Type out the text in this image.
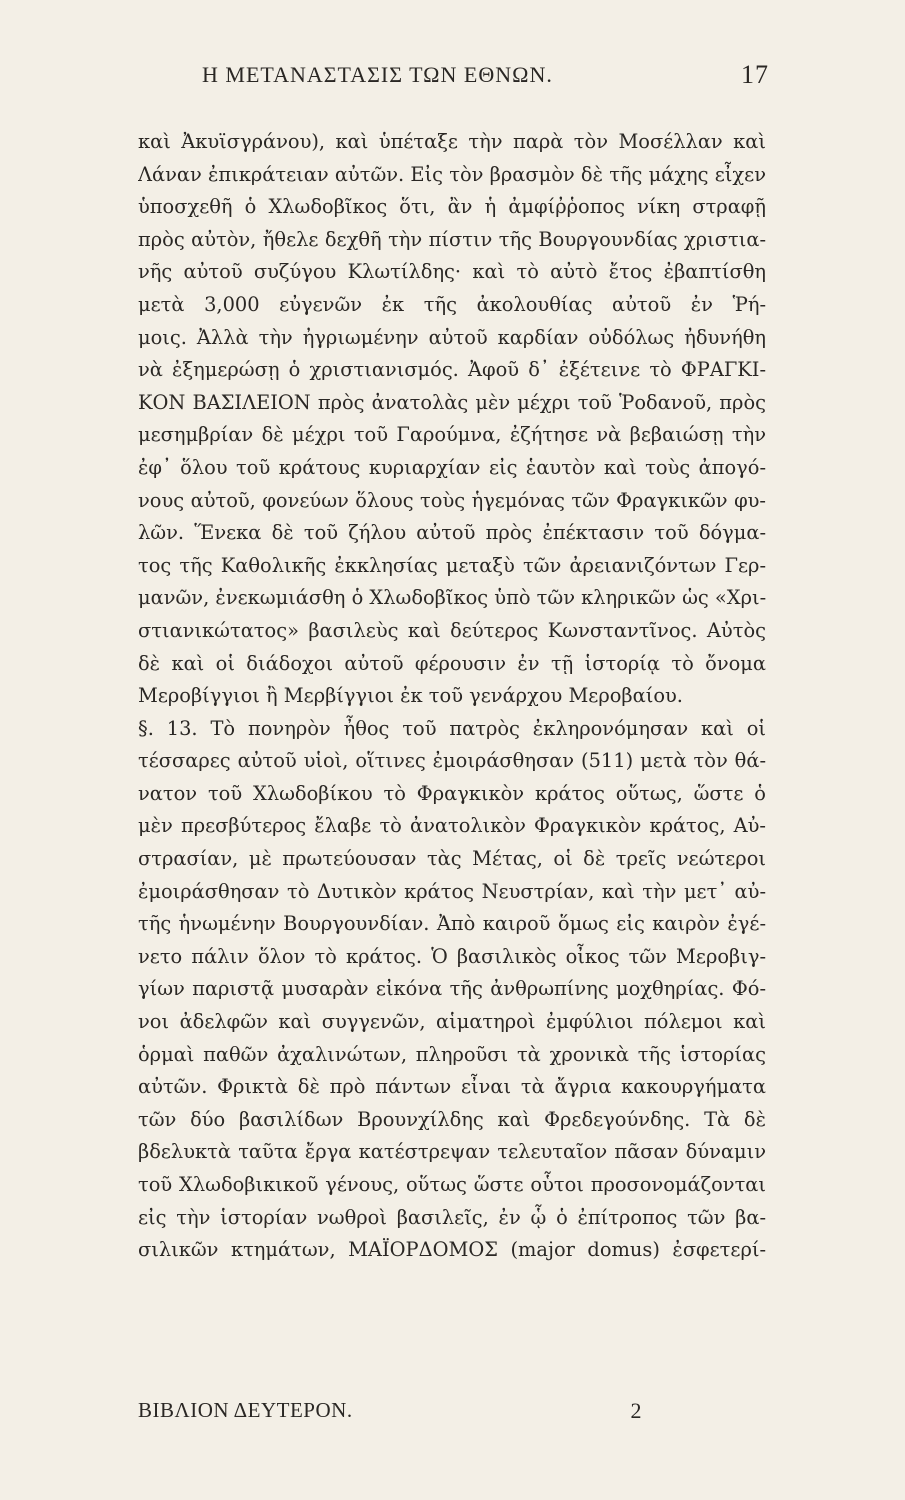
Η ΜΕΤΑΝΑΣΤΑΣΙΣ ΤΩΝ ΕΘΝΩΝ.	17
καὶ Ἀκυϊσγράνου), καὶ ὑπέταξε τὴν παρὰ τὸν Μοσέλλαν καὶ
Λάναν ἐπικράτειαν αὐτῶν. Εἰς τὸν βρασμὸν δὲ τῆς μάχης εἶχεν
ὑποσχεθῆ ὁ Χλωδοβῖκος ὅτι, ἂν ἡ ἀμφίῤῥοπος νίκη στραφῇ
πρὸς αὐτὸν, ἤθελε δεχθῆ τὴν πίστιν τῆς Βουργουνδίας χριστια-
νῆς αὐτοῦ συζύγου Κλωτίλδης· καὶ τὸ αὐτὸ ἔτος ἐβαπτίσθη
μετὰ 3,000 εὐγενῶν ἐκ τῆς ἀκολουθίας αὐτοῦ ἐν Ῥή-
μοις. Ἀλλὰ τὴν ἠγριωμένην αὐτοῦ καρδίαν οὐδόλως ἠδυνήθη
νὰ ἐξημερώσῃ ὁ χριστιανισμός. Ἀφοῦ δ᾽ ἐξέτεινε τὸ ΦΡΑΓΚΙ-
ΚΟΝ ΒΑΣΙΛΕΙΟΝ πρὸς ἀνατολὰς μὲν μέχρι τοῦ Ῥοδανοῦ, πρὸς
μεσημβρίαν δὲ μέχρι τοῦ Γαρούμνα, ἐζήτησε νὰ βεβαιώσῃ τὴν
ἐφ᾽ ὅλου τοῦ κράτους κυριαρχίαν εἰς ἑαυτὸν καὶ τοὺς ἀπογό-
νους αὐτοῦ, φονεύων ὅλους τοὺς ἡγεμόνας τῶν Φραγκικῶν φυ-
λῶν. Ἕνεκα δὲ τοῦ ζήλου αὐτοῦ πρὸς ἐπέκτασιν τοῦ δόγμα-
τος τῆς Καθολικῆς ἐκκλησίας μεταξὺ τῶν ἀρειανιζόντων Γερ-
μανῶν, ἐνεκωμιάσθη ὁ Χλωδοβῖκος ὑπὸ τῶν κληρικῶν ὡς «Χρι-
στιανικώτατος» βασιλεὺς καὶ δεύτερος Κωνσταντῖνος. Αὐτὸς
δὲ καὶ οἱ διάδοχοι αὐτοῦ φέρουσιν ἐν τῇ ἱστορίᾳ τὸ ὄνομα
Μεροβίγγιοι ἢ Μερβίγγιοι ἐκ τοῦ γενάρχου Μεροβαίου.
§. 13. Τὸ πονηρὸν ἦθος τοῦ πατρὸς ἐκληρονόμησαν καὶ οἱ
τέσσαρες αὐτοῦ υἱοὶ, οἵτινες ἐμοιράσθησαν (511) μετὰ τὸν θά-
νατον τοῦ Χλωδοβίκου τὸ Φραγκικὸν κράτος οὕτως, ὥστε ὁ
μὲν πρεσβύτερος ἔλαβε τὸ ἀνατολικὸν Φραγκικὸν κράτος, Αὐ-
στρασίαν, μὲ πρωτεύουσαν τὰς Μέτας, οἱ δὲ τρεῖς νεώτεροι
ἐμοιράσθησαν τὸ Δυτικὸν κράτος Νευστρίαν, καὶ τὴν μετ᾽ αὐ-
τῆς ἡνωμένην Βουργουνδίαν. Ἀπὸ καιροῦ ὅμως εἰς καιρὸν ἐγέ-
νετο πάλιν ὅλον τὸ κράτος. Ὁ βασιλικὸς οἶκος τῶν Μεροβιγ-
γίων παριστᾷ μυσαρὰν εἰκόνα τῆς ἀνθρωπίνης μοχθηρίας. Φό-
νοι ἀδελφῶν καὶ συγγενῶν, αἱματηροὶ ἐμφύλιοι πόλεμοι καὶ
ὁρμαὶ παθῶν ἀχαλινώτων, πληροῦσι τὰ χρονικὰ τῆς ἱστορίας
αὐτῶν. Φρικτὰ δὲ πρὸ πάντων εἶναι τὰ ἄγρια κακουργήματα
τῶν δύο βασιλίδων Βρουνχίλδης καὶ Φρεδεγούνδης. Τὰ δὲ
βδελυκτὰ ταῦτα ἔργα κατέστρεψαν τελευταῖον πᾶσαν δύναμιν
τοῦ Χλωδοβικικοῦ γένους, οὕτως ὥστε οὗτοι προσονομάζονται
εἰς τὴν ἱστορίαν νωθροὶ βασιλεῖς, ἐν ᾧ ὁ ἐπίτροπος τῶν βα-
σιλικῶν κτημάτων, ΜΑΪΟΡΔΟΜΟΣ (major domus) ἐσφετερί-
ΒΙΒΛΙΟΝ ΔΕΥΤΕΡΟΝ.	2
